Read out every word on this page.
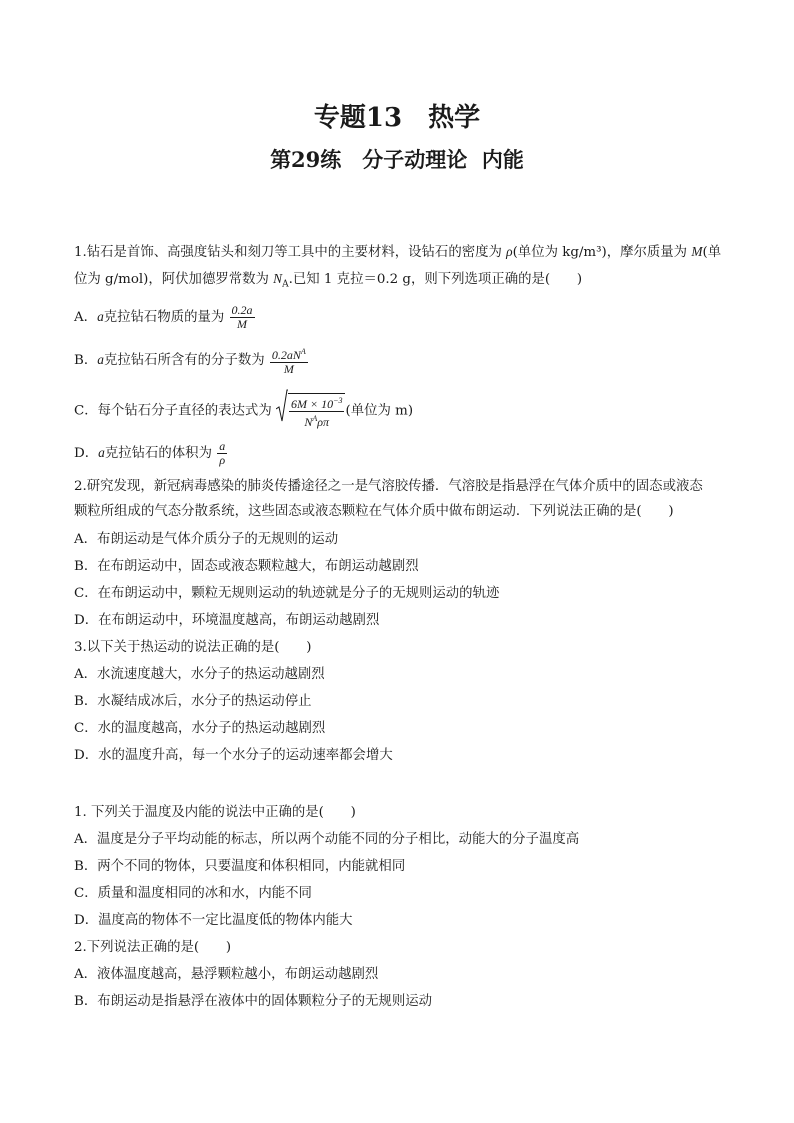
专题13　热学
第29练　分子动理论  内能
1.钻石是首饰、高强度钻头和刻刀等工具中的主要材料，设钻石的密度为 ρ(单位为 kg/m³)，摩尔质量为 M(单
位为 g/mol)，阿伏加德罗常数为 $N_A$.已知 1 克拉＝0.2 g，则下列选项正确的是(　　)
A．a克拉钻石物质的量为 $\frac{0.2a}{M}$
B．a克拉钻石所含有的分子数为 $\frac{0.2aN^A}{M}$
C．每个钻石分子直径的表达式为 $\frac{6M \times 10^{-3}}{N^A\rho\pi}$ (单位为 m)
D．a克拉钻石的体积为 $\frac{a}{\rho}$
2.研究发现，新冠病毒感染的肺炎传播途径之一是气溶胶传播．气溶胶是指悬浮在气体介质中的固态或液态
颗粒所组成的气态分散系统，这些固态或液态颗粒在气体介质中做布朗运动．下列说法正确的是(　　)
A．布朗运动是气体介质分子的无规则的运动
B．在布朗运动中，固态或液态颗粒越大，布朗运动越剧烈
C．在布朗运动中，颗粒无规则运动的轨迹就是分子的无规则运动的轨迹
D．在布朗运动中，环境温度越高，布朗运动越剧烈
3.以下关于热运动的说法正确的是(　　)
A．水流速度越大，水分子的热运动越剧烈
B．水凝结成冰后，水分子的热运动停止
C．水的温度越高，水分子的热运动越剧烈
D．水的温度升高，每一个水分子的运动速率都会增大
1. 下列关于温度及内能的说法中正确的是(　　)
A．温度是分子平均动能的标志，所以两个动能不同的分子相比，动能大的分子温度高
B．两个不同的物体，只要温度和体积相同，内能就相同
C．质量和温度相同的冰和水，内能不同
D．温度高的物体不一定比温度低的物体内能大
2.下列说法正确的是(　　)
A．液体温度越高，悬浮颗粒越小，布朗运动越剧烈
B．布朗运动是指悬浮在液体中的固体颗粒分子的无规则运动
